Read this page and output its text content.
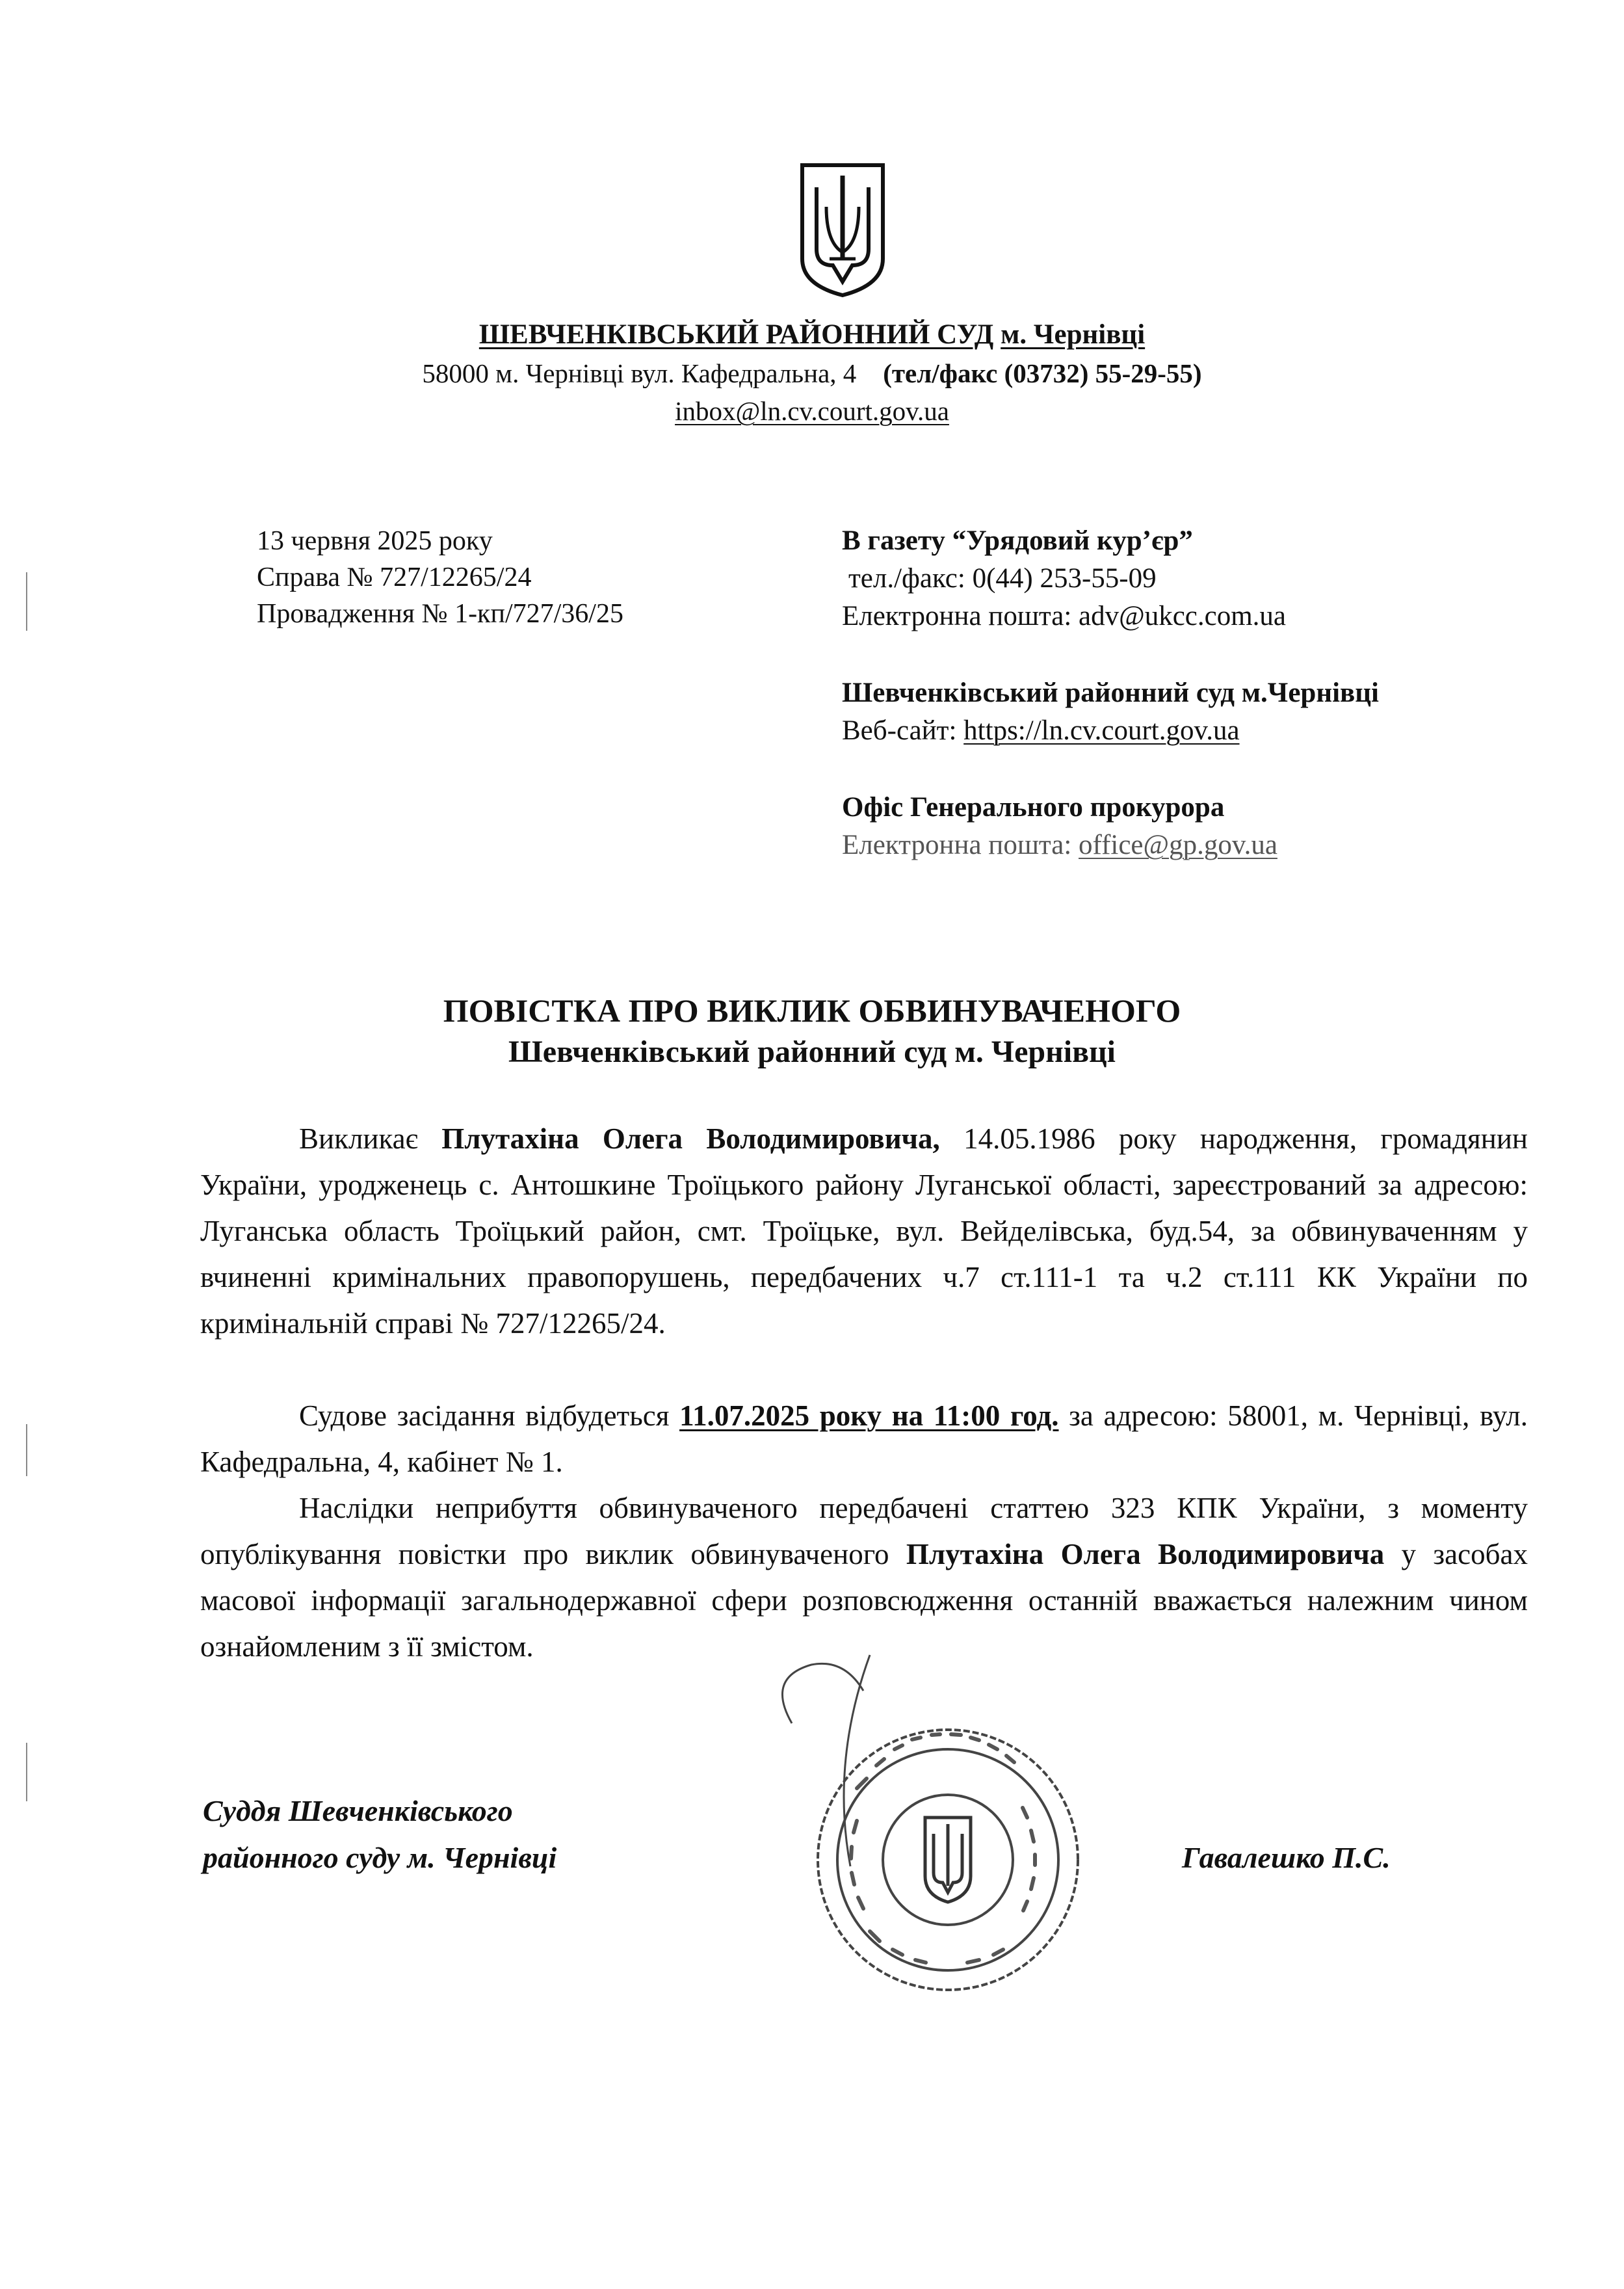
ШЕВЧЕНКІВСЬКИЙ РАЙОННИЙ СУД м. Чернівці
58000 м. Чернівці вул. Кафедральна, 4 (тел/факс (03732) 55-29-55)
inbox@ln.cv.court.gov.ua
13 червня 2025 року
Справа № 727/12265/24
Провадження № 1-кп/727/36/25
В газету “Урядовий кур’єр”
тел./факс: 0(44) 253-55-09
Електронна пошта: adv@ukcc.com.ua
Шевченківський районний суд м.Чернівці
Веб-сайт: https://ln.cv.court.gov.ua
Офіс Генерального прокурора
Електронна пошта: office@gp.gov.ua
ПОВІСТКА ПРО ВИКЛИК ОБВИНУВАЧЕНОГО
Шевченківський районний суд м. Чернівці

Викликає Плутахіна Олега Володимировича, 14.05.1986 року народження, громадянин України, уродженець с. Антошкине Троїцького району Луганської області, зареєстрований за адресою: Луганська область Троїцький район, смт. Троїцьке, вул. Вейделівська, буд.54, за обвинуваченням у вчиненні кримінальних правопорушень, передбачених ч.7 ст.111-1 та ч.2 ст.111 КК України по кримінальній справі № 727/12265/24.

Судове засідання відбудеться 11.07.2025 року на 11:00 год. за адресою: 58001, м. Чернівці, вул. Кафедральна, 4, кабінет № 1.

Наслідки неприбуття обвинуваченого передбачені статтею 323 КПК України, з моменту опублікування повістки про виклик обвинуваченого Плутахіна Олега Володимировича у засобах масової інформації загальнодержавної сфери розповсюдження останній вважається належним чином ознайомленим з її змістом.

Суддя Шевченківського
районного суду м. Чернівці	Гавалешко П.С.
